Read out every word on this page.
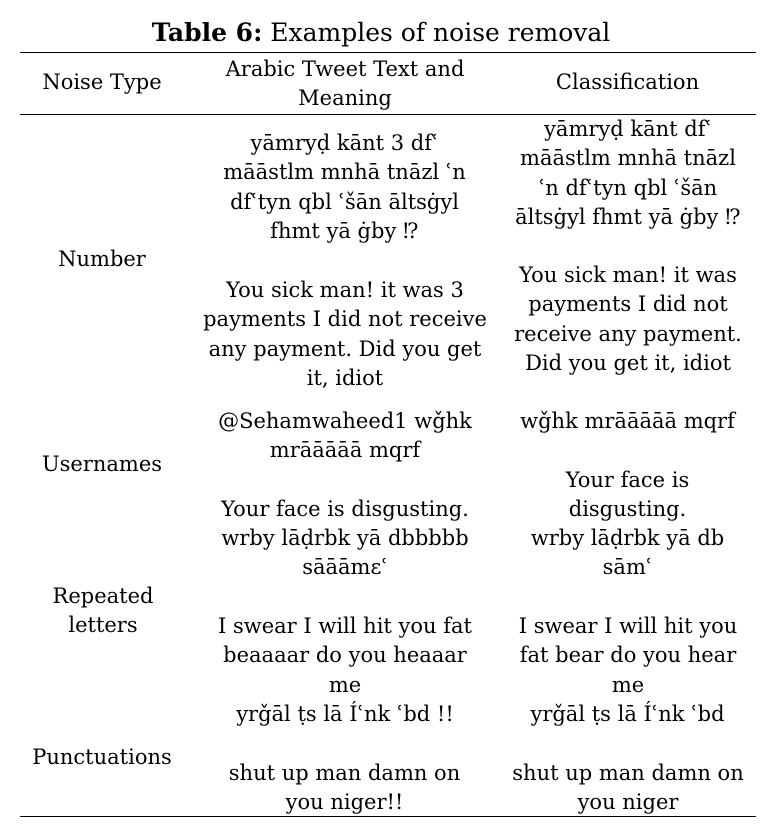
Table 6: Examples of noise removal
Noise Type
Arabic Tweet Text and Meaning
Classification
Number
Usernames
Repeated letters
Punctuations
yāmryḍ kānt 3 dfʿ māāstlm mnhā tnāzl ʿn dfʿtyn qbl ʿšān āltsġyl fhmt yā ġby ⁉
You sick man! it was 3 payments I did not receive any payment. Did you get it, idiot
@Sehamwaheed1 wǧhk mrāāāāā mqrf
Your face is disgusting.
wrby lāḍrbk yā dbbbbb sāāāmεʿ
I swear I will hit you fat beaaaar do you heaaar me
yrǧāl ṭs lā Íʿnk ʿbd !!
shut up man damn on you niger!!
yāmryḍ kānt dfʿ māāstlm mnhā tnāzl ʿn dfʿtyn qbl ʿšān āltsġyl fhmt yā ġby ⁉
You sick man! it was payments I did not receive any payment. Did you get it, idiot
wǧhk mrāāāāā mqrf
Your face is disgusting.
wrby lāḍrbk yā db sāmʿ
I swear I will hit you fat bear do you hear me
yrǧāl ṭs lā Íʿnk ʿbd
shut up man damn on you niger
